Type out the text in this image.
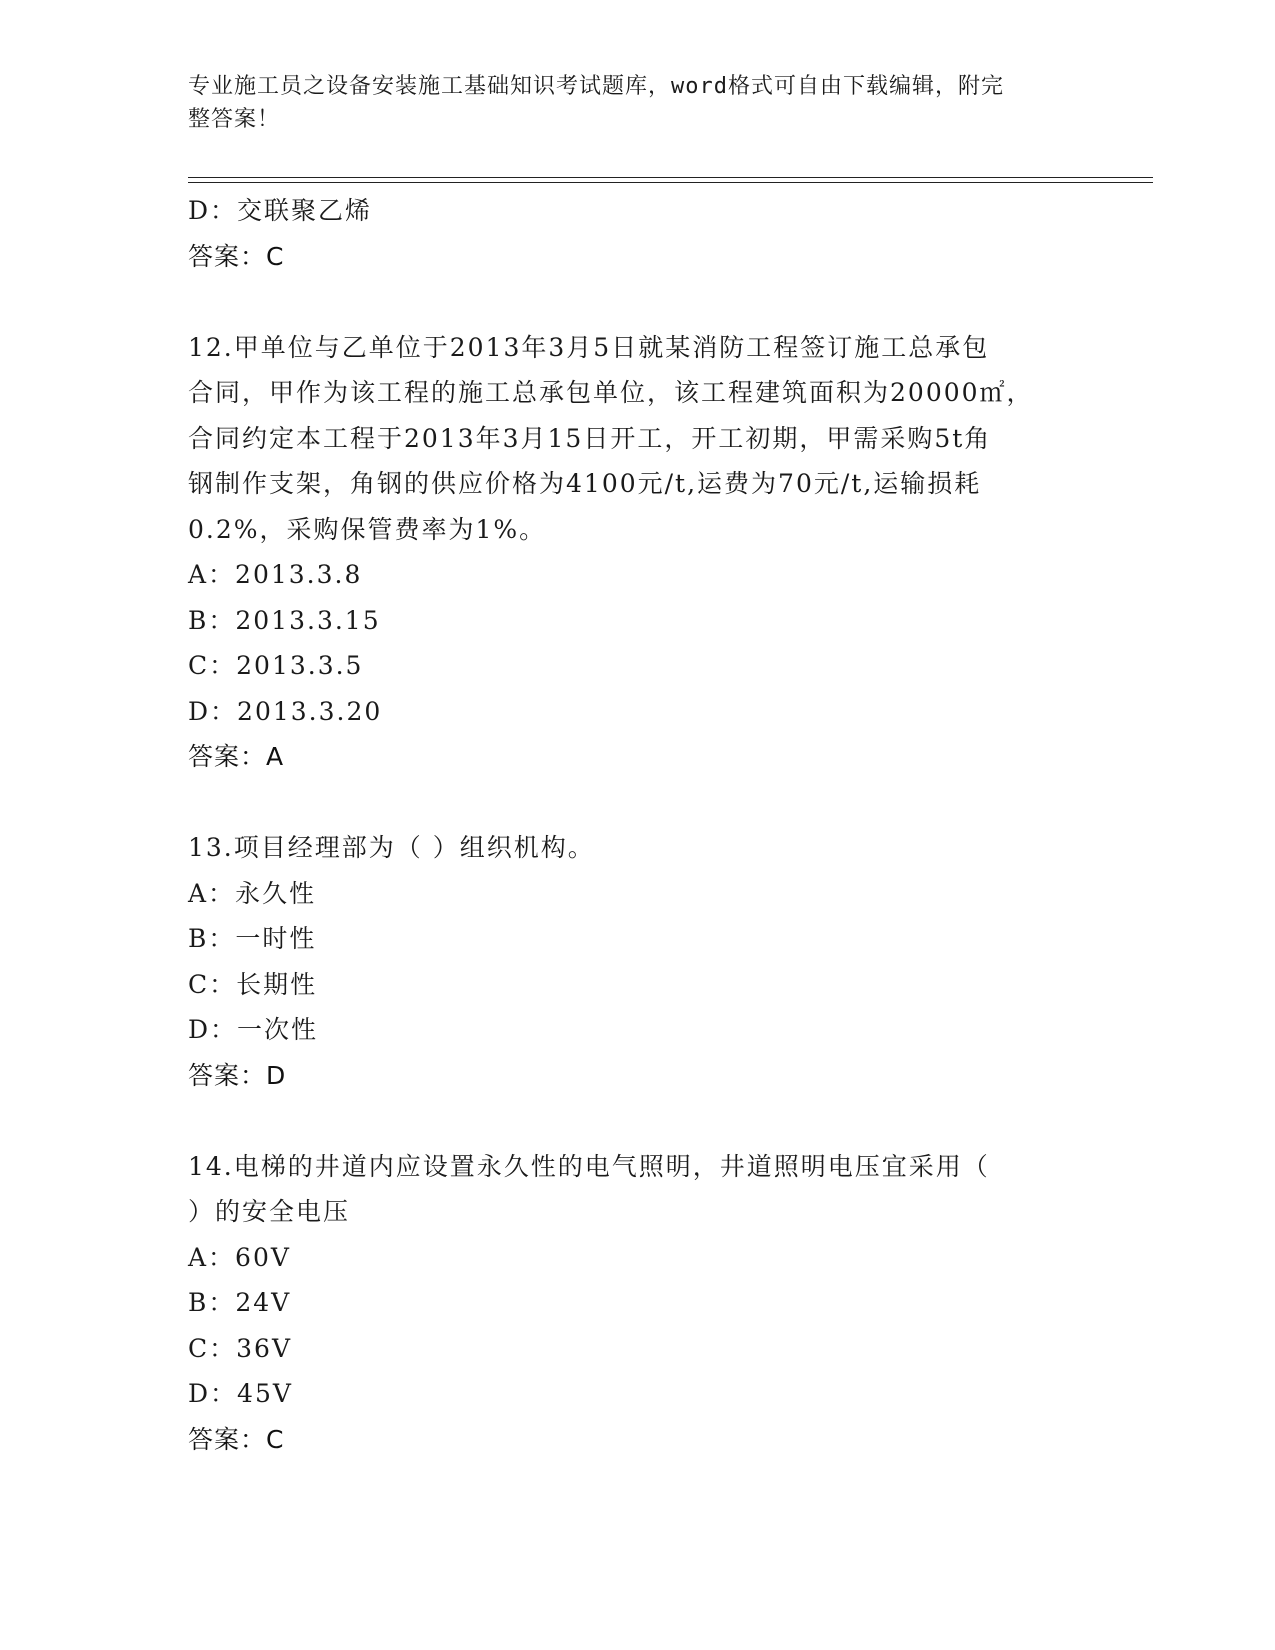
专业施工员之设备安装施工基础知识考试题库，word格式可自由下载编辑，附完
整答案！
D：交联聚乙烯
答案：C
12.甲单位与乙单位于2013年3月5日就某消防工程签订施工总承包
合同，甲作为该工程的施工总承包单位，该工程建筑面积为20000㎡，
合同约定本工程于2013年3月15日开工，开工初期，甲需采购5t角
钢制作支架，角钢的供应价格为4100元/t,运费为70元/t,运输损耗
0.2%，采购保管费率为1%。
A：2013.3.8
B：2013.3.15
C：2013.3.5
D：2013.3.20
答案：A
13.项目经理部为（ ）组织机构。
A：永久性
B：一时性
C：长期性
D：一次性
答案：D
14.电梯的井道内应设置永久性的电气照明，井道照明电压宜采用（
）的安全电压
A：60V
B：24V
C：36V
D：45V
答案：C
